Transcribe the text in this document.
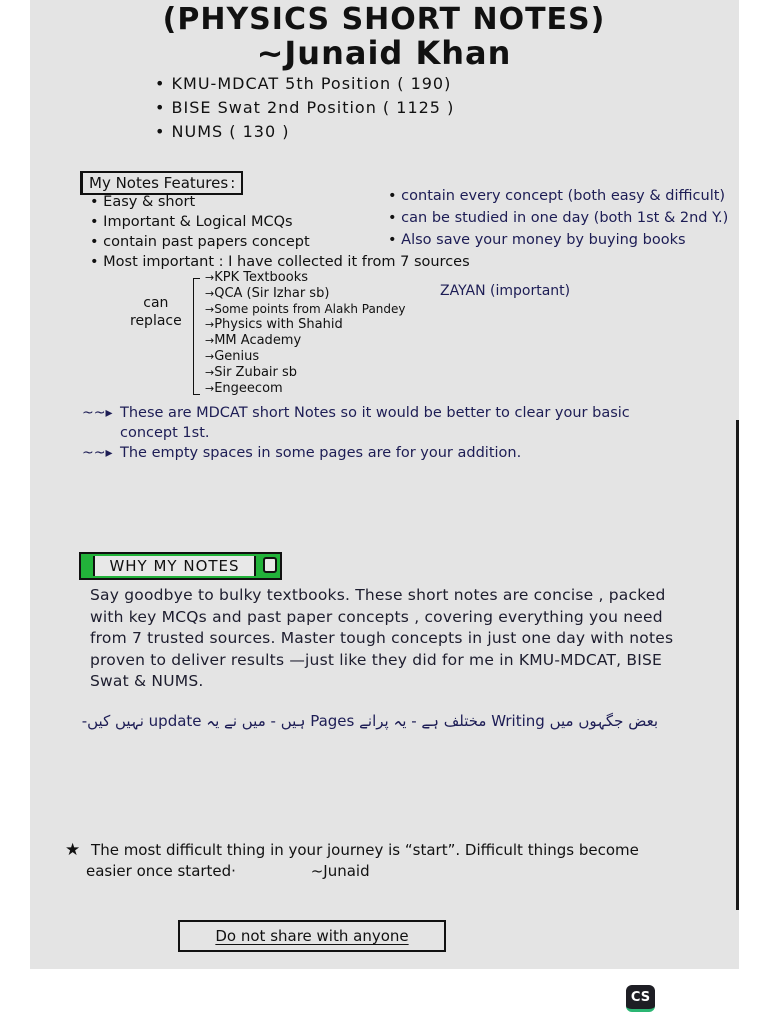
(PHYSICS SHORT NOTES)
~Junaid Khan
• KMU-MDCAT 5th Position ( 190)
• BISE Swat 2nd Position ( 1125 )
• NUMS ( 130 )
My Notes Features :
• Easy & short
• Important & Logical MCQs
• contain past papers concept
• Most important : I have collected it from 7 sources
• contain every concept (both easy & difficult)
• can be studied in one day (both 1st & 2nd Y.)
• Also save your money by buying books
can
replace
→ KPK Textbooks
→ QCA (Sir Izhar sb)
→ Some points from Alakh Pandey
→ Physics with Shahid
→ MM Academy
→ Genius
→ Sir Zubair sb
→ Engeecom
ZAYAN (important)
~~▸ These are MDCAT short Notes so it would be better to clear your basic
concept 1st.
~~▸ The empty spaces in some pages are for your addition.
WHY MY NOTES
Say goodbye to bulky textbooks. These short notes are concise , packed with key MCQs and past paper concepts , covering everything you need from 7 trusted sources. Master tough concepts in just one day with notes proven to deliver results —just like they did for me in KMU-MDCAT, BISE Swat & NUMS.
بعض جگہوں میں Writing مختلف ہے - یہ پرانے Pages ہیں - میں نے یہ update نہیں کیں-
★ The most difficult thing in your journey is “start”. Difficult things become
easier once started·	~Junaid
Do not share with anyone
CS
